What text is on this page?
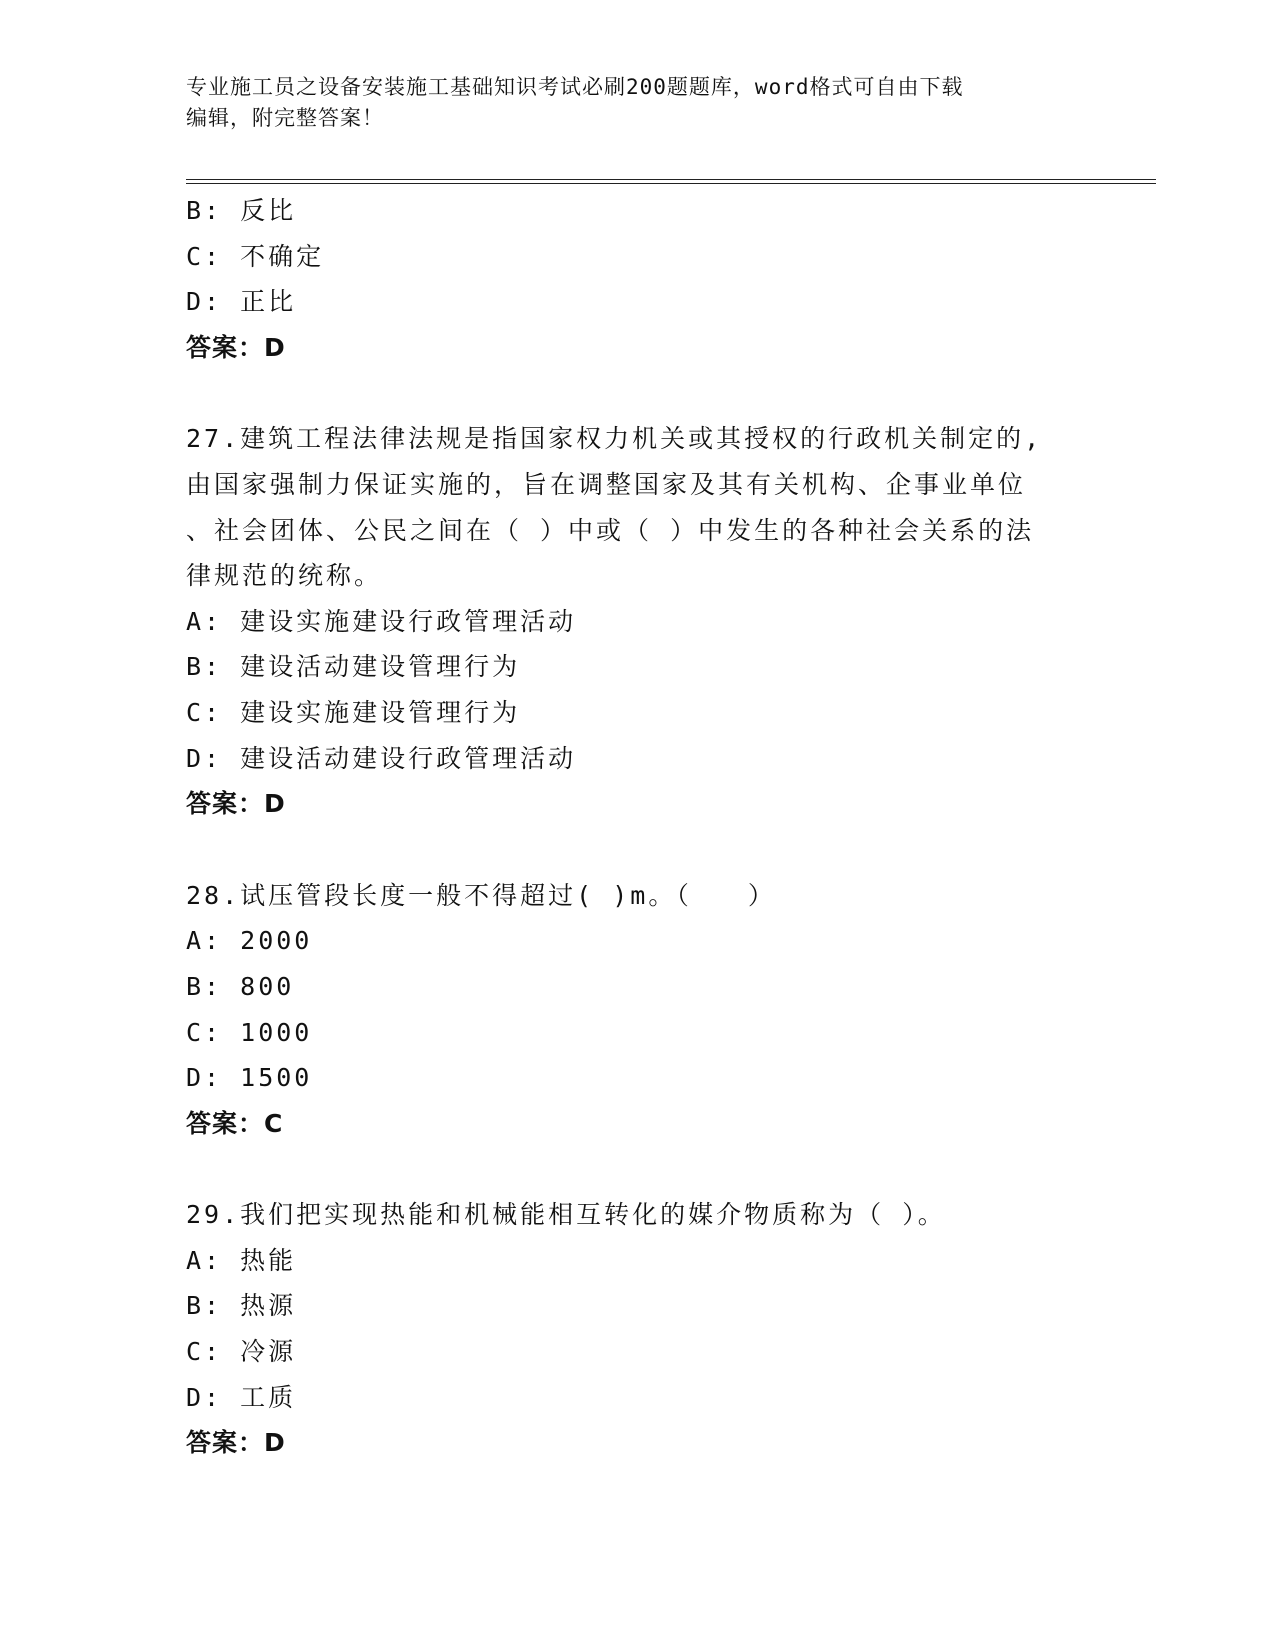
专业施工员之设备安装施工基础知识考试必刷200题题库，word格式可自由下载
编辑，附完整答案！
B: 反比
C: 不确定
D: 正比
答案：D
27.建筑工程法律法规是指国家权力机关或其授权的行政机关制定的,
由国家强制力保证实施的，旨在调整国家及其有关机构、企事业单位
、社会团体、公民之间在（ ）中或（ ）中发生的各种社会关系的法
律规范的统称。
A: 建设实施建设行政管理活动
B: 建设活动建设管理行为
C: 建设实施建设管理行为
D: 建设活动建设行政管理活动
答案：D
28.试压管段长度一般不得超过( )m。（　　）
A: 2000
B: 800
C: 1000
D: 1500
答案：C
29.我们把实现热能和机械能相互转化的媒介物质称为（ ）。
A: 热能
B: 热源
C: 冷源
D: 工质
答案：D
